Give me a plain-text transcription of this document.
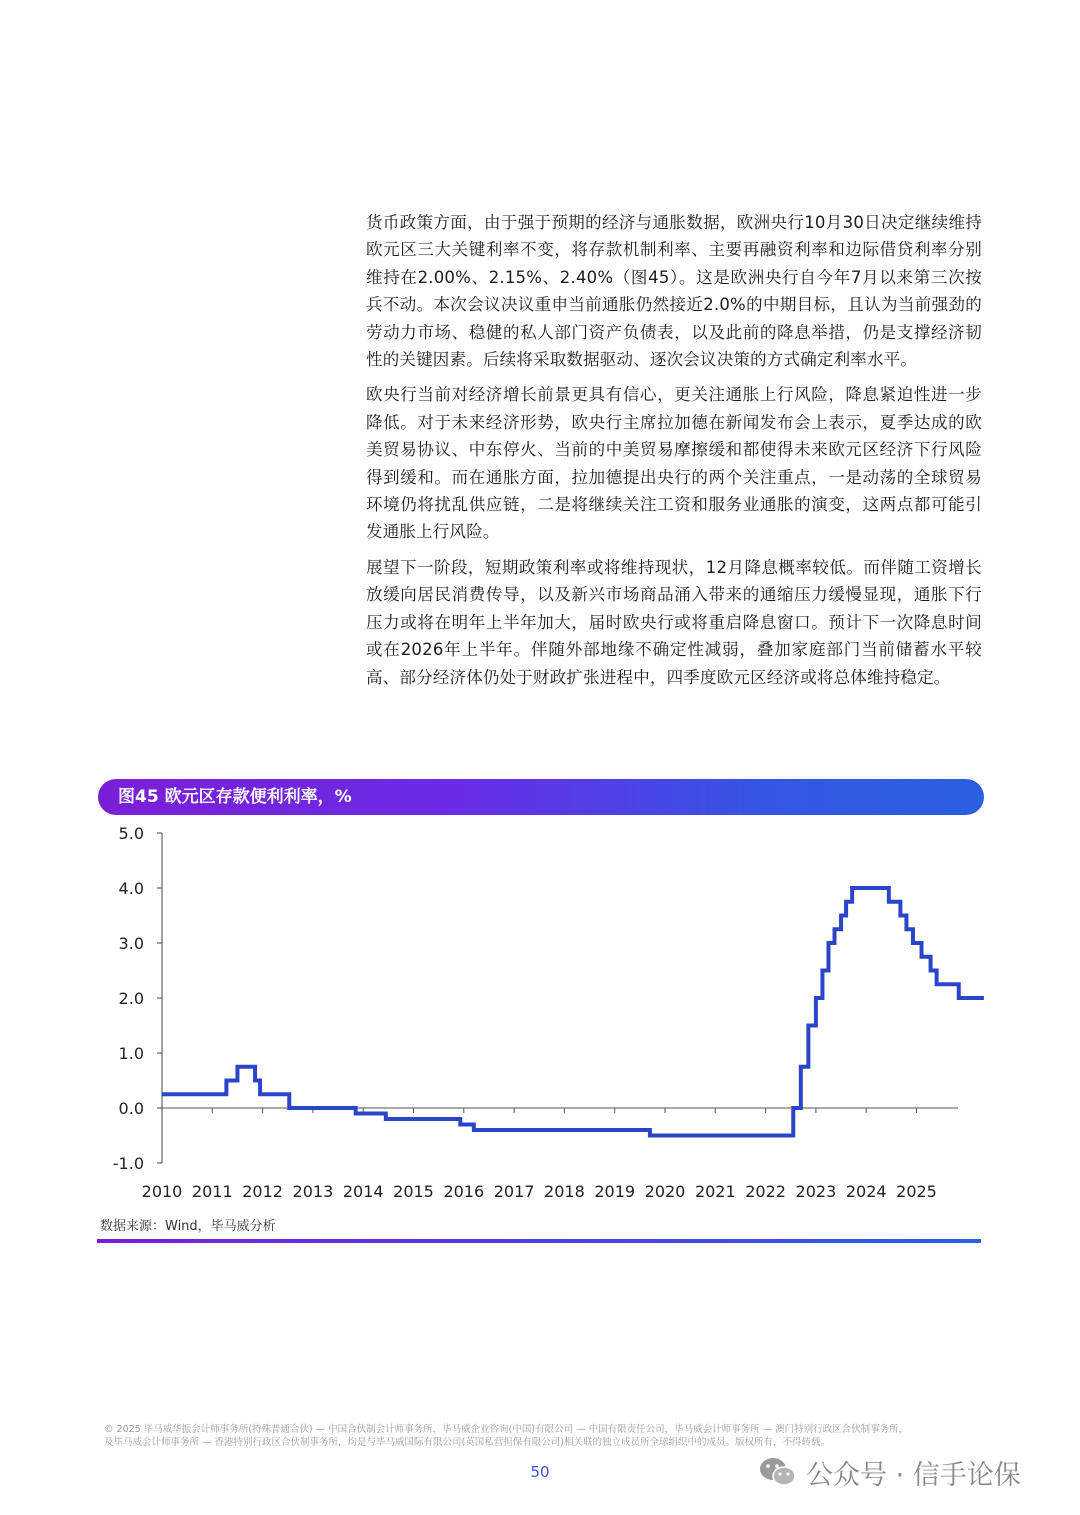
货币政策方面，由于强于预期的经济与通胀数据，欧洲央行10月30日决定继续维持欧元区三大关键利率不变，将存款机制利率、主要再融资利率和边际借贷利率分别维持在2.00%、2.15%、2.40%（图45）。这是欧洲央行自今年7月以来第三次按兵不动。本次会议决议重申当前通胀仍然接近2.0%的中期目标，且认为当前强劲的劳动力市场、稳健的私人部门资产负债表，以及此前的降息举措，仍是支撑经济韧性的关键因素。后续将采取数据驱动、逐次会议决策的方式确定利率水平。

欧央行当前对经济增长前景更具有信心，更关注通胀上行风险，降息紧迫性进一步降低。对于未来经济形势，欧央行主席拉加德在新闻发布会上表示，夏季达成的欧美贸易协议、中东停火、当前的中美贸易摩擦缓和都使得未来欧元区经济下行风险得到缓和。而在通胀方面，拉加德提出央行的两个关注重点，一是动荡的全球贸易环境仍将扰乱供应链，二是将继续关注工资和服务业通胀的演变，这两点都可能引发通胀上行风险。

展望下一阶段，短期政策利率或将维持现状，12月降息概率较低。而伴随工资增长放缓向居民消费传导，以及新兴市场商品涌入带来的通缩压力缓慢显现，通胀下行压力或将在明年上半年加大，届时欧央行或将重启降息窗口。预计下一次降息时间或在2026年上半年。伴随外部地缘不确定性减弱，叠加家庭部门当前储蓄水平较高、部分经济体仍处于财政扩张进程中，四季度欧元区经济或将总体维持稳定。

图45 欧元区存款便利利率，%
5.0
4.0
3.0
2.0
1.0
0.0
-1.0
2010 2011 2012 2013 2014 2015 2016 2017 2018 2019 2020 2021 2022 2023 2024 2025
数据来源：Wind，毕马威分析
© 2025 毕马威华振会计师事务所(特殊普通合伙) — 中国合伙制会计师事务所，毕马威企业咨询(中国)有限公司 — 中国有限责任公司，毕马威会计师事务所 — 澳门特别行政区合伙制事务所，
及毕马威会计师事务所 — 香港特别行政区合伙制事务所，均是与毕马威国际有限公司(英国私营担保有限公司)相关联的独立成员所全球组织中的成员。版权所有，不得转载。
50	公众号 · 信手论保
